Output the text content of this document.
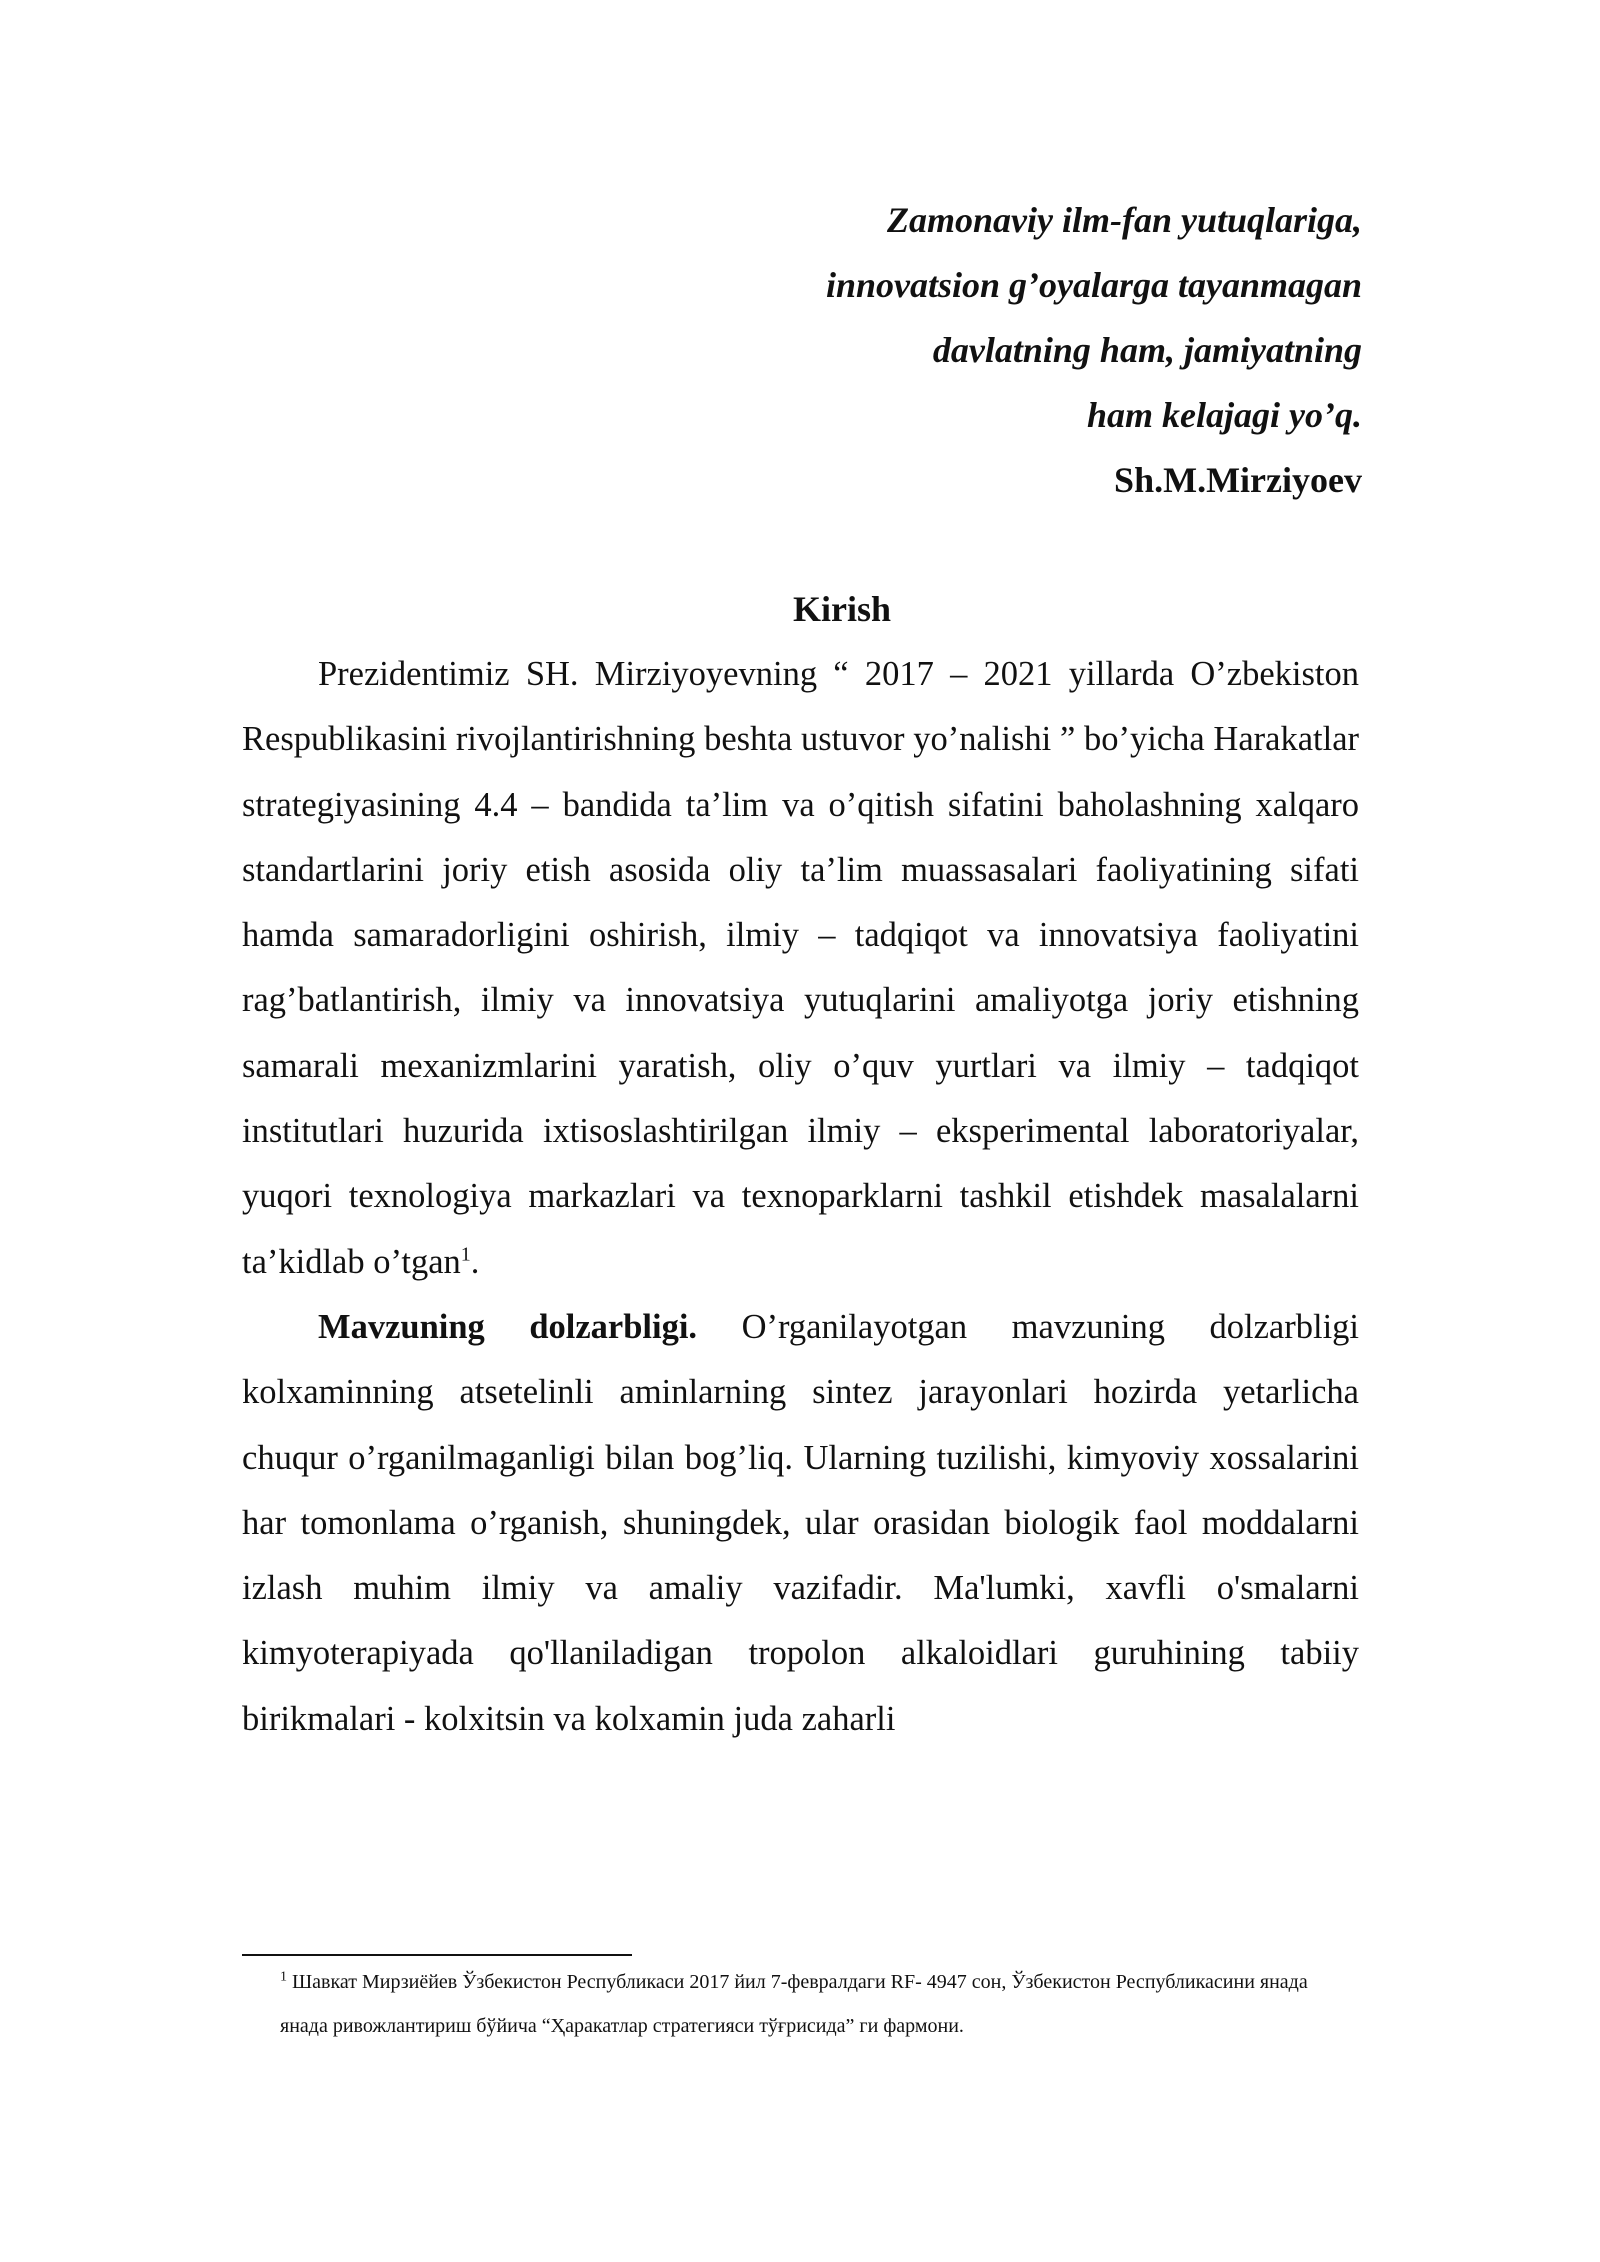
Zamonaviy ilm-fan yutuqlariga,
innovatsion g’oyalarga tayanmagan
davlatning ham, jamiyatning
ham kelajagi yo’q.
Sh.M.Mirziyoev
Kirish

Prezidentimiz SH. Mirziyoyevning “ 2017 – 2021 yillarda O’zbekiston Respublikasini rivojlantirishning beshta ustuvor yo’nalishi ” bo’yicha Harakatlar strategiyasining 4.4 – bandida ta’lim va o’qitish sifatini baholashning xalqaro standartlarini joriy etish asosida oliy ta’lim muassasalari faoliyatining sifati hamda samaradorligini oshirish, ilmiy – tadqiqot va innovatsiya faoliyatini rag’batlantirish, ilmiy va innovatsiya yutuqlarini amaliyotga joriy etishning samarali mexanizmlarini yaratish, oliy o’quv yurtlari va ilmiy – tadqiqot institutlari huzurida ixtisoslashtirilgan ilmiy – eksperimental laboratoriyalar, yuqori texnologiya markazlari va texnoparklarni tashkil etishdek masalalarni ta’kidlab o’tgan$^1$.

Mavzuning dolzarbligi. O’rganilayotgan mavzuning dolzarbligi kolxaminning atsetelinli aminlarning sintez jarayonlari hozirda yetarlicha chuqur o’rganilmaganligi bilan bog’liq. Ularning tuzilishi, kimyoviy xossalarini har tomonlama o’rganish, shuningdek, ular orasidan biologik faol moddalarni izlash muhim ilmiy va amaliy vazifadir. Ma'lumki, xavfli o'smalarni kimyoterapiyada qo'llaniladigan tropolon alkaloidlari guruhining tabiiy birikmalari - kolxitsin va kolxamin juda zaharli

$^1$ Шавкат Мирзиёйев Ўзбекистон Республикаси 2017 йил 7-февралдаги RF- 4947 сон, Ўзбекистон Республикасини янада янада ривожлантириш бўйича “Ҳаракатлар стратегияси тўғрисида” ги фармони.
